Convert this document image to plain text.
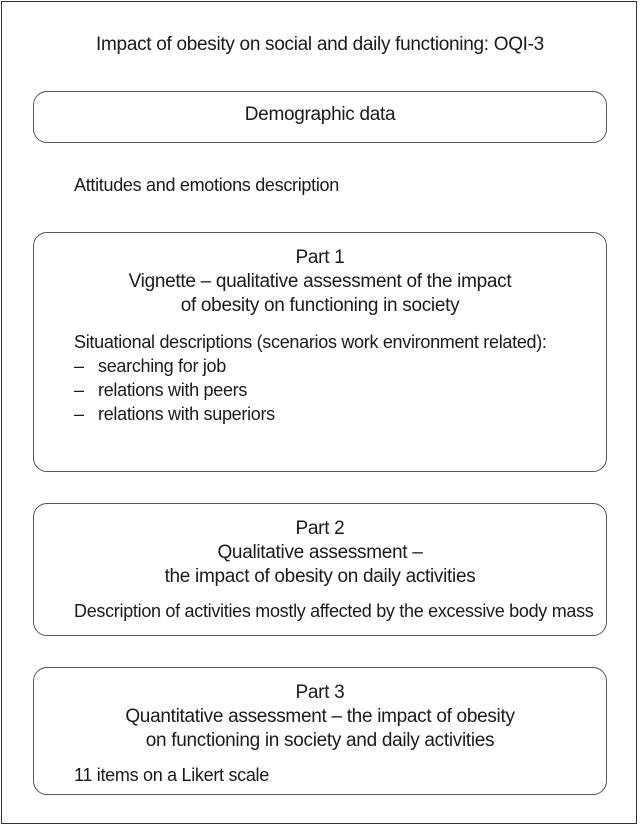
Impact of obesity on social and daily functioning: OQI-3
Demographic data
Attitudes and emotions description
Part 1
Vignette – qualitative assessment of the impact
of obesity on functioning in society
Situational descriptions (scenarios work environment related):
– searching for job
– relations with peers
– relations with superiors
Part 2
Qualitative assessment –
the impact of obesity on daily activities
Description of activities mostly affected by the excessive body mass
Part 3
Quantitative assessment – the impact of obesity
on functioning in society and daily activities
11 items on a Likert scale
